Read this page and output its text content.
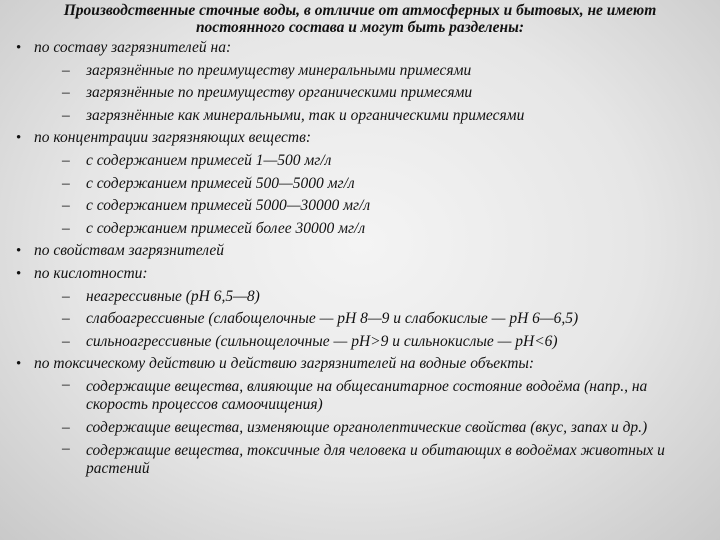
Производственные сточные воды, в отличие от атмосферных и бытовых, не имеют постоянного состава и могут быть разделены:
• по составу загрязнителей на:
– загрязнённые по преимуществу минеральными примесями
– загрязнённые по преимуществу органическими примесями
– загрязнённые как минеральными, так и органическими примесями
• по концентрации загрязняющих веществ:
– с содержанием примесей 1—500 мг/л
– с содержанием примесей 500—5000 мг/л
– с содержанием примесей 5000—30000 мг/л
– с содержанием примесей более 30000 мг/л
• по свойствам загрязнителей
• по кислотности:
– неагрессивные (pH 6,5—8)
– слабоагрессивные (слабощелочные — pH 8—9 и слабокислые — pH 6—6,5)
– сильноагрессивные (сильнощелочные — pH>9 и сильнокислые — pH<6)
• по токсическому действию и действию загрязнителей на водные объекты:
– содержащие вещества, влияющие на общесанитарное состояние водоёма (напр., на скорость процессов самоочищения)
– содержащие вещества, изменяющие органолептические свойства (вкус, запах и др.)
– содержащие вещества, токсичные для человека и обитающих в водоёмах животных и растений
